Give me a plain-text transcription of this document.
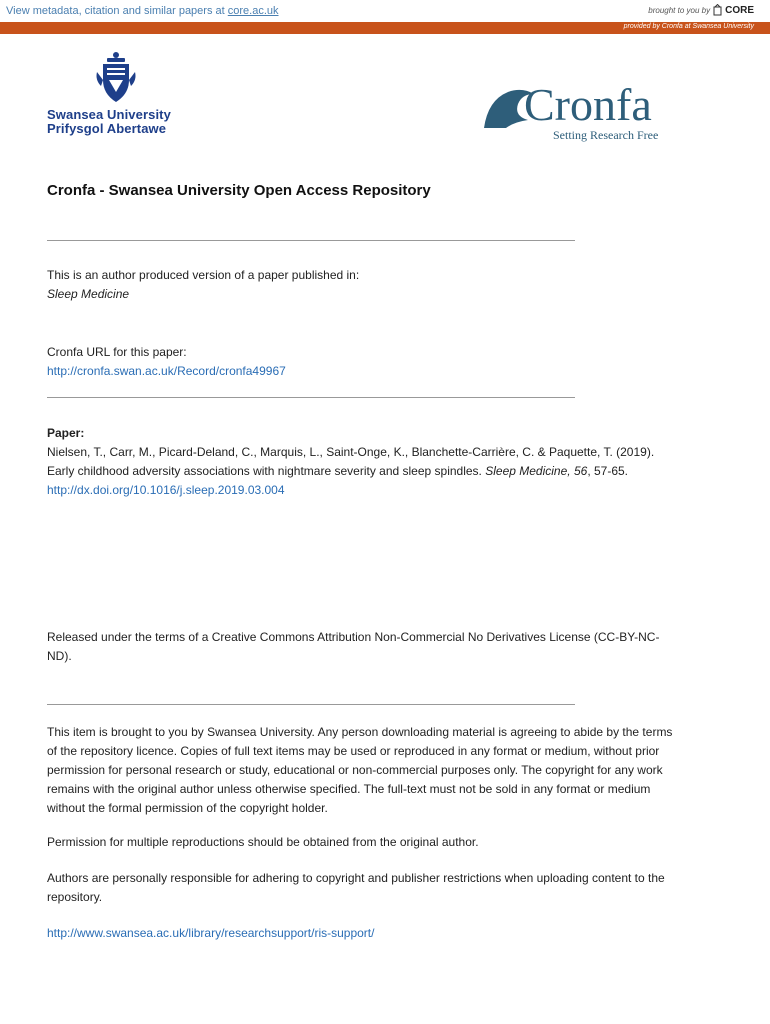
View metadata, citation and similar papers at core.ac.uk	brought to you by CORE
provided by Cronfa at Swansea University
Swansea University
Prifysgol Abertawe	Cronfa
Setting Research Free
Cronfa - Swansea University Open Access Repository
This is an author produced version of a paper published in:
Sleep Medicine
Cronfa URL for this paper:
http://cronfa.swan.ac.uk/Record/cronfa49967
Paper:
Nielsen, T., Carr, M., Picard-Deland, C., Marquis, L., Saint-Onge, K., Blanchette-Carrière, C. & Paquette, T. (2019).
Early childhood adversity associations with nightmare severity and sleep spindles. Sleep Medicine, 56, 57-65.
http://dx.doi.org/10.1016/j.sleep.2019.03.004
Released under the terms of a Creative Commons Attribution Non-Commercial No Derivatives License (CC-BY-NC-
ND).
This item is brought to you by Swansea University. Any person downloading material is agreeing to abide by the terms
of the repository licence. Copies of full text items may be used or reproduced in any format or medium, without prior
permission for personal research or study, educational or non-commercial purposes only. The copyright for any work
remains with the original author unless otherwise specified. The full-text must not be sold in any format or medium
without the formal permission of the copyright holder.
Permission for multiple reproductions should be obtained from the original author.
Authors are personally responsible for adhering to copyright and publisher restrictions when uploading content to the
repository.
http://www.swansea.ac.uk/library/researchsupport/ris-support/
